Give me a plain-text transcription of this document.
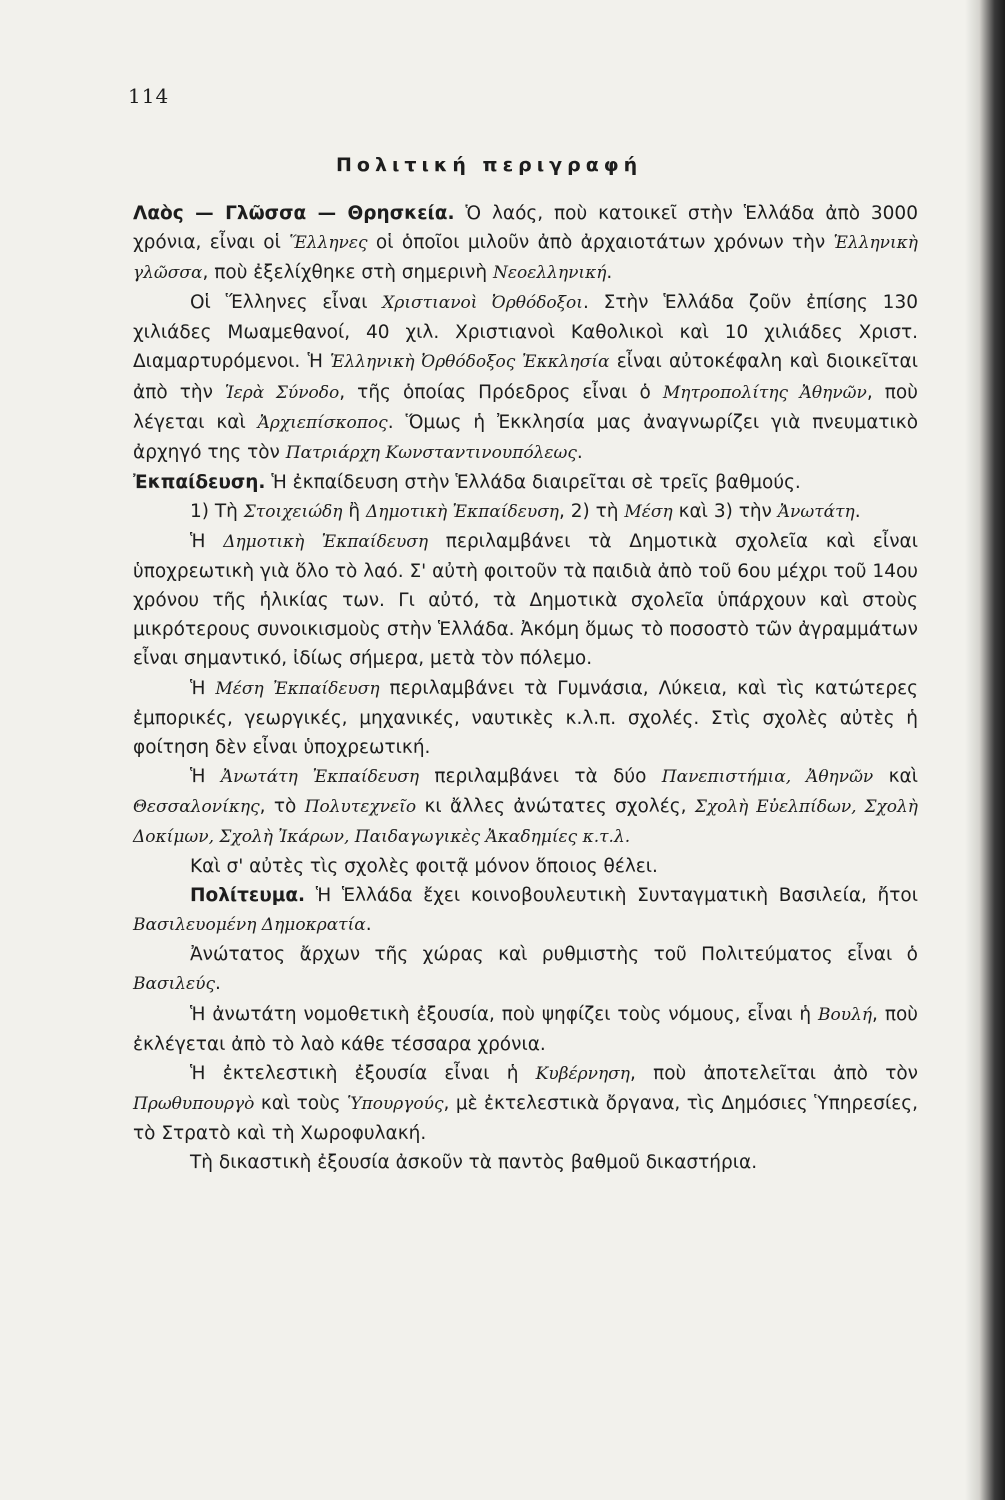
114
Πολιτική περιγραφή

Λαὸς — Γλῶσσα — Θρησκεία. Ὁ λαός, ποὺ κατοικεῖ στὴν Ἑλλάδα ἀπὸ 3000 χρόνια, εἶναι οἱ Ἕλληνες οἱ ὁποῖοι μιλοῦν ἀπὸ ἀρχαιοτάτων χρόνων τὴν Ἑλληνικὴ γλῶσσα, ποὺ ἐξελίχθηκε στὴ σημερινὴ Νεοελληνική.

Οἱ Ἕλληνες εἶναι Χριστιανοὶ Ὀρθόδοξοι. Στὴν Ἑλλάδα ζοῦν ἐπίσης 130 χιλιάδες Μωαμεθανοί, 40 χιλ. Χριστιανοὶ Καθολικοὶ καὶ 10 χιλιάδες Χριστ. Διαμαρτυρόμενοι. Ἡ Ἑλληνικὴ Ὀρθόδοξος Ἐκκλησία εἶναι αὐτοκέφαλη καὶ διοικεῖται ἀπὸ τὴν Ἱερὰ Σύνοδο, τῆς ὁποίας Πρόεδρος εἶναι ὁ Μητροπολίτης Ἀθηνῶν, ποὺ λέγεται καὶ Ἀρχιεπίσκοπος. Ὅμως ἡ Ἐκκλησία μας ἀναγνωρίζει γιὰ πνευματικὸ ἀρχηγό της τὸν Πατριάρχη Κωνσταντινουπόλεως.

Ἐκπαίδευση. Ἡ ἐκπαίδευση στὴν Ἑλλάδα διαιρεῖται σὲ τρεῖς βαθμούς.

1) Τὴ Στοιχειώδη ἢ Δημοτικὴ Ἐκπαίδευση, 2) τὴ Μέση καὶ 3) τὴν Ἀνωτάτη.

Ἡ Δημοτικὴ Ἐκπαίδευση περιλαμβάνει τὰ Δημοτικὰ σχολεῖα καὶ εἶναι ὑποχρεωτικὴ γιὰ ὅλο τὸ λαό. Σ' αὐτὴ φοιτοῦν τὰ παιδιὰ ἀπὸ τοῦ 6ου μέχρι τοῦ 14ου χρόνου τῆς ἡλικίας των. Γι αὐτό, τὰ Δημοτικὰ σχολεῖα ὑπάρχουν καὶ στοὺς μικρότερους συνοικισμοὺς στὴν Ἑλλάδα. Ἀκόμη ὅμως τὸ ποσοστὸ τῶν ἀγραμμάτων εἶναι σημαντικό, ἰδίως σήμερα, μετὰ τὸν πόλεμο.

Ἡ Μέση Ἐκπαίδευση περιλαμβάνει τὰ Γυμνάσια, Λύκεια, καὶ τὶς κατώτερες ἐμπορικές, γεωργικές, μηχανικές, ναυτικὲς κ.λ.π. σχολές. Στὶς σχολὲς αὐτὲς ἡ φοίτηση δὲν εἶναι ὑποχρεωτική.

Ἡ Ἀνωτάτη Ἐκπαίδευση περιλαμβάνει τὰ δύο Πανεπιστήμια, Ἀθηνῶν καὶ Θεσσαλονίκης, τὸ Πολυτεχνεῖο κι ἄλλες ἀνώτατες σχολές, Σχολὴ Εὐελπίδων, Σχολὴ Δοκίμων, Σχολὴ Ἰκάρων, Παιδαγωγικὲς Ἀκαδημίες κ.τ.λ.

Καὶ σ' αὐτὲς τὶς σχολὲς φοιτᾷ μόνον ὅποιος θέλει.

Πολίτευμα. Ἡ Ἑλλάδα ἔχει κοινοβουλευτικὴ Συνταγματικὴ Βασιλεία, ἤτοι Βασιλευομένη Δημοκρατία.

Ἀνώτατος ἄρχων τῆς χώρας καὶ ρυθμιστὴς τοῦ Πολιτεύματος εἶναι ὁ Βασιλεύς.

Ἡ ἀνωτάτη νομοθετικὴ ἐξουσία, ποὺ ψηφίζει τοὺς νόμους, εἶναι ἡ Βουλή, ποὺ ἐκλέγεται ἀπὸ τὸ λαὸ κάθε τέσσαρα χρόνια.

Ἡ ἐκτελεστικὴ ἐξουσία εἶναι ἡ Κυβέρνηση, ποὺ ἀποτελεῖται ἀπὸ τὸν Πρωθυπουργὸ καὶ τοὺς Ὑπουργούς, μὲ ἐκτελεστικὰ ὄργανα, τὶς Δημόσιες Ὑπηρεσίες, τὸ Στρατὸ καὶ τὴ Χωροφυλακή.

Τὴ δικαστικὴ ἐξουσία ἀσκοῦν τὰ παντὸς βαθμοῦ δικαστήρια.
